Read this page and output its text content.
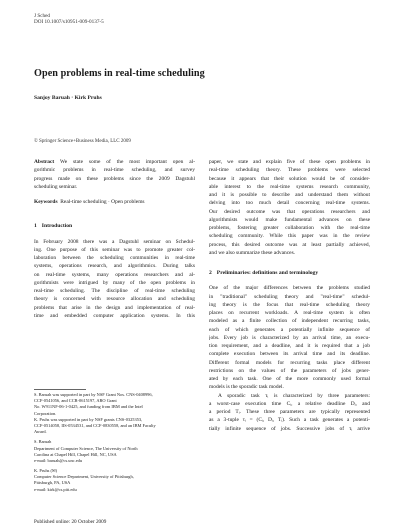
J Sched
DOI 10.1007/s10951-009-0137-5
Open problems in real-time scheduling
Sanjoy Baruah · Kirk Pruhs
© Springer Science+Business Media, LLC 2009
Abstract We state some of the most important open al-
gorithmic problems in real-time scheduling, and survey
progress made on these problems since the 2009 Dagstuhl
scheduling seminar.
Keywords Real-time scheduling · Open problems
1 Introduction
In February 2008 there was a Dagstuhl seminar on Schedul-
ing. One purpose of this seminar was to promote greater col-
laboration between the scheduling communities in real-time
systems, operations research, and algorithmics. During talks
on real-time systems, many operations researchers and al-
gorithmists were intrigued by many of the open problems in
real-time scheduling. The discipline of real-time scheduling
theory is concerned with resource allocation and scheduling
problems that arise in the design and implementation of real-
time and embedded computer application systems. In this
S. Baruah was supported in part by NSF Grant Nos. CNS-0408996,
CCF-0541056, and CCR-0615197, ARO Grant
No. W911NF-06-1-0425, and funding from IBM and the Intel
Corporation.
K. Pruhs was supported in part by NSF grants CNS-0325353,
CCF-0514058, IIS-0534531, and CCF-0830558, and an IBM Faculty
Award.
S. Baruah
Department of Computer Science, The University of North
Carolina at Chapel Hill, Chapel Hill, NC, USA
e-mail: baruah@cs.unc.edu
K. Pruhs (✉)
Computer Science Department, University of Pittsburgh,
Pittsburgh, PA, USA
e-mail: kirk@cs.pitt.edu
Published online: 20 October 2009
paper, we state and explain five of these open problems in
real-time scheduling theory. These problems were selected
because it appears that their solution would be of consider-
able interest to the real-time systems research community,
and it is possible to describe and understand them without
delving into too much detail concerning real-time systems.
Our desired outcome was that operations researchers and
algorithmists would make fundamental advances on these
problems, fostering greater collaboration with the real-time
scheduling community. While this paper was in the review
process, this desired outcome was at least partially achieved,
and we also summarize these advances.
2 Preliminaries: definitions and terminology
One of the major differences between the problems studied
in "traditional" scheduling theory and "real-time" schedul-
ing theory is the focus that real-time scheduling theory
places on recurrent workloads. A real-time system is often
modeled as a finite collection of independent recurring tasks,
each of which generates a potentially infinite sequence of
jobs. Every job is characterized by an arrival time, an execu-
tion requirement, and a deadline, and it is required that a job
complete execution between its arrival time and its deadline.
Different formal models for recurring tasks place different
restrictions on the values of the parameters of jobs gener-
ated by each task. One of the more commonly used formal
models is the sporadic task model.
A sporadic task τᵢ is characterized by three parameters:
a worst-case execution time Cᵢ, a relative deadline Dᵢ, and
a period Tᵢ. These three parameters are typically represented
as a 3-tuple τᵢ = (Cᵢ, Dᵢ, Tᵢ). Such a task generates a potenti-
tially infinite sequence of jobs. Successive jobs of τᵢ arrive
